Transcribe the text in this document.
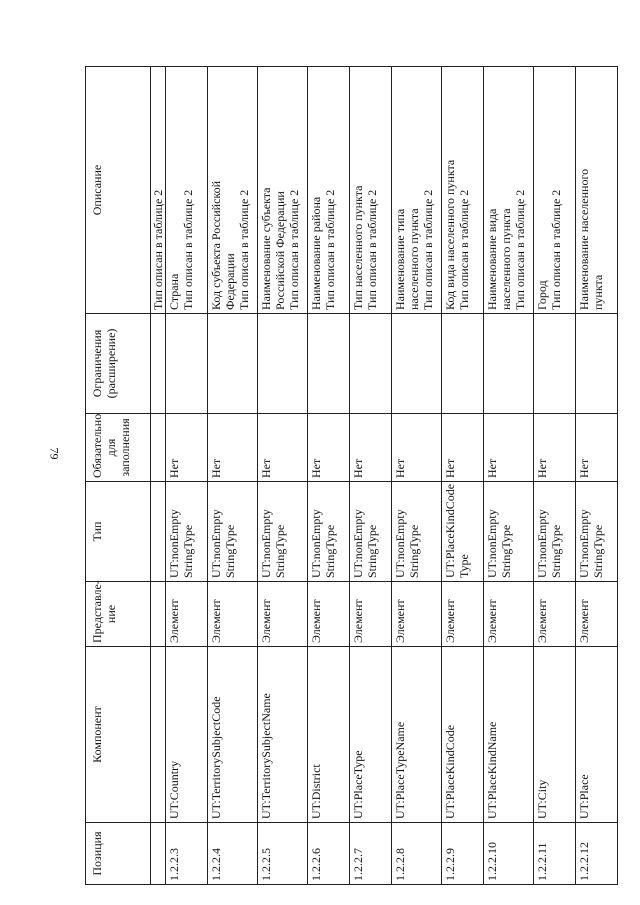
79
Позиция	Компонент	Представле-ние	Тип	Обязательно для заполнения	Ограничения (расширение)	Описание
						Тип описан в таблице 2
1.2.2.3	UT:Country	Элемент	UT:nonEmpty StringType	Нет		Страна Тип описан в таблице 2

1.2.2.4	UT:TerritorySubjectCode	Элемент	UT:nonEmpty StringType	Нет		Код субъекта Российской Федерации Тип описан в таблице 2

1.2.2.5	UT:TerritorySubjectName	Элемент	UT:nonEmpty StringType	Нет		Наименование субъекта Российской Федерации Тип описан в таблице 2

1.2.2.6	UT:District	Элемент	UT:nonEmpty StringType	Нет		Наименование района Тип описан в таблице 2

1.2.2.7	UT:PlaceType	Элемент	UT:nonEmpty StringType	Нет		Тип населенного пункта Тип описан в таблице 2

1.2.2.8	UT:PlaceTypeName	Элемент	UT:nonEmpty StringType	Нет		Наименование типа населенного пункта Тип описан в таблице 2

1.2.2.9	UT:PlaceKindCode	Элемент	UT:PlaceKindCode Type	Нет		Код вида населенного пункта Тип описан в таблице 2

1.2.2.10	UT:PlaceKindName	Элемент	UT:nonEmpty StringType	Нет		Наименование вида населенного пункта Тип описан в таблице 2

1.2.2.11	UT:City	Элемент	UT:nonEmpty StringType	Нет		Город Тип описан в таблице 2

1.2.2.12	UT:Place	Элемент	UT:nonEmpty StringType	Нет		Наименование населенного пункта
